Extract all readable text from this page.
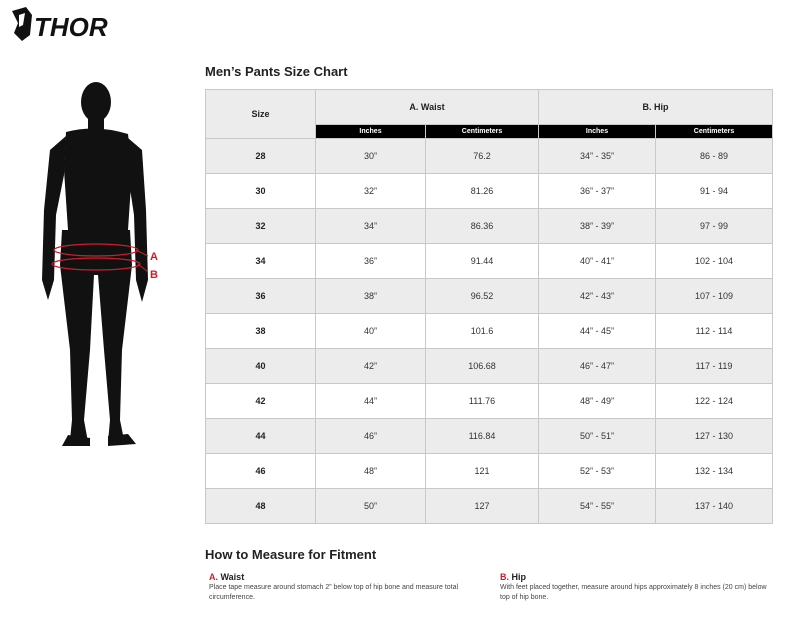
THOR
A
B
Men’s Pants Size Chart
Size	A. Waist		B. Hip	
	Inches	Centimeters	Inches	Centimeters
28	30”	76.2	34” - 35”	86 - 89
30	32”	81.26	36” - 37”	91 - 94
32	34”	86.36	38” - 39”	97 - 99
34	36”	91.44	40” - 41”	102 - 104
36	38”	96.52	42” - 43”	107 - 109
38	40”	101.6	44” - 45”	112 - 114
40	42”	106.68	46” - 47”	117 - 119
42	44”	111.76	48” - 49”	122 - 124
44	46”	116.84	50” - 51”	127 - 130
46	48”	121	52” - 53”	132 - 134
48	50”	127	54” - 55”	137 - 140
How to Measure for Fitment
A. Waist
Place tape measure around stomach 2” below top of hip bone and measure total circumference.
B. Hip
With feet placed together, measure around hips approximately 8 inches (20 cm) below top of hip bone.
